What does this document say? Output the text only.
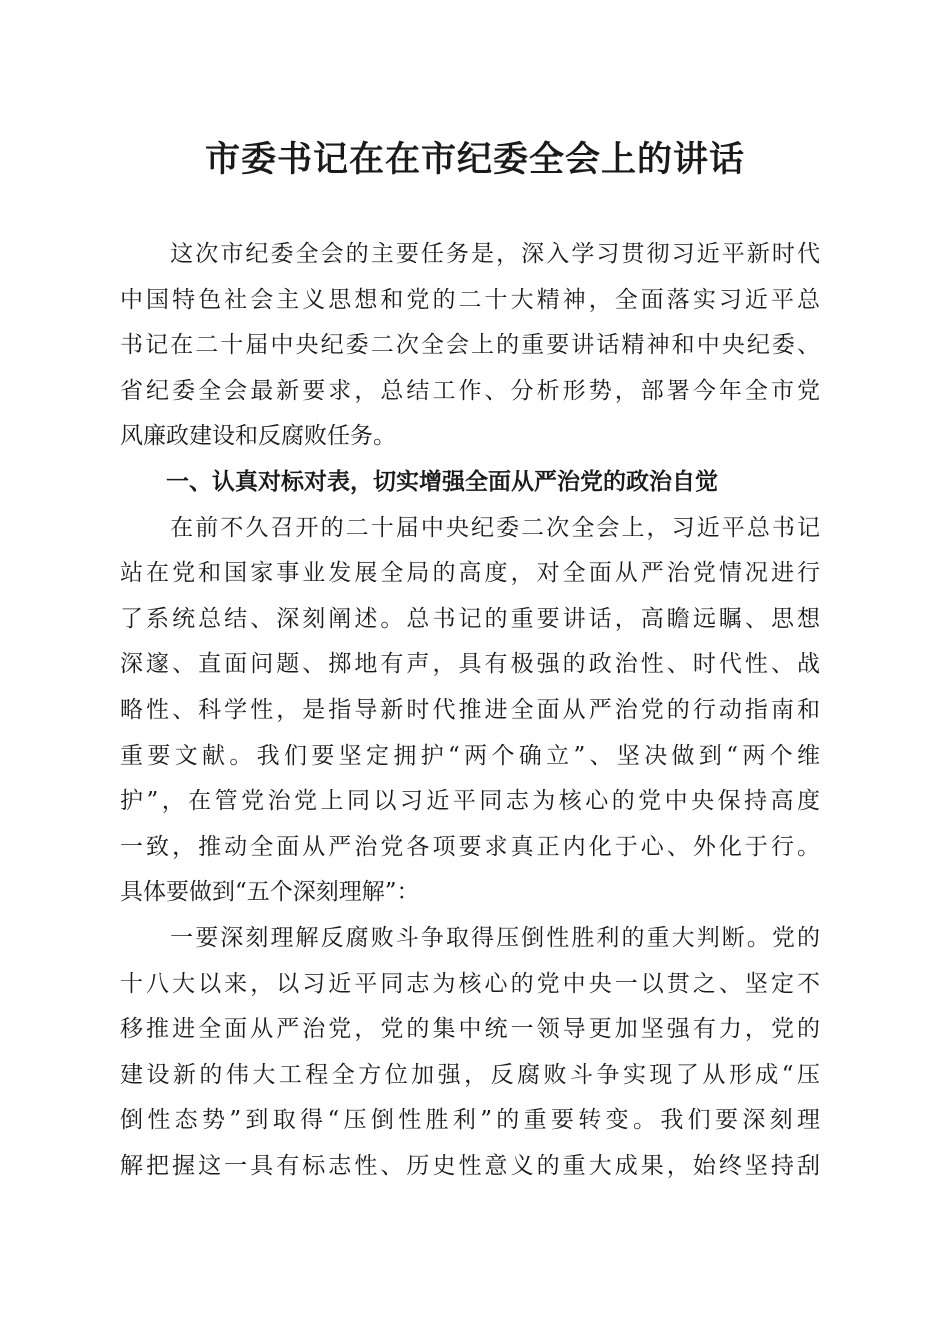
市委书记在在市纪委全会上的讲话
　　这次市纪委全会的主要任务是，深入学习贯彻习近平新时代
中国特色社会主义思想和党的二十大精神，全面落实习近平总
书记在二十届中央纪委二次全会上的重要讲话精神和中央纪委、
省纪委全会最新要求，总结工作、分析形势，部署今年全市党
风廉政建设和反腐败任务。
　　一、认真对标对表，切实增强全面从严治党的政治自觉
　　在前不久召开的二十届中央纪委二次全会上，习近平总书记
站在党和国家事业发展全局的高度，对全面从严治党情况进行
了系统总结、深刻阐述。总书记的重要讲话，高瞻远瞩、思想
深邃、直面问题、掷地有声，具有极强的政治性、时代性、战
略性、科学性，是指导新时代推进全面从严治党的行动指南和
重要文献。我们要坚定拥护“两个确立”、坚决做到“两个维
护”，在管党治党上同以习近平同志为核心的党中央保持高度
一致，推动全面从严治党各项要求真正内化于心、外化于行。
具体要做到“五个深刻理解”：
　　一要深刻理解反腐败斗争取得压倒性胜利的重大判断。党的
十八大以来，以习近平同志为核心的党中央一以贯之、坚定不
移推进全面从严治党，党的集中统一领导更加坚强有力，党的
建设新的伟大工程全方位加强，反腐败斗争实现了从形成“压
倒性态势”到取得“压倒性胜利”的重要转变。我们要深刻理
解把握这一具有标志性、历史性意义的重大成果，始终坚持刮
